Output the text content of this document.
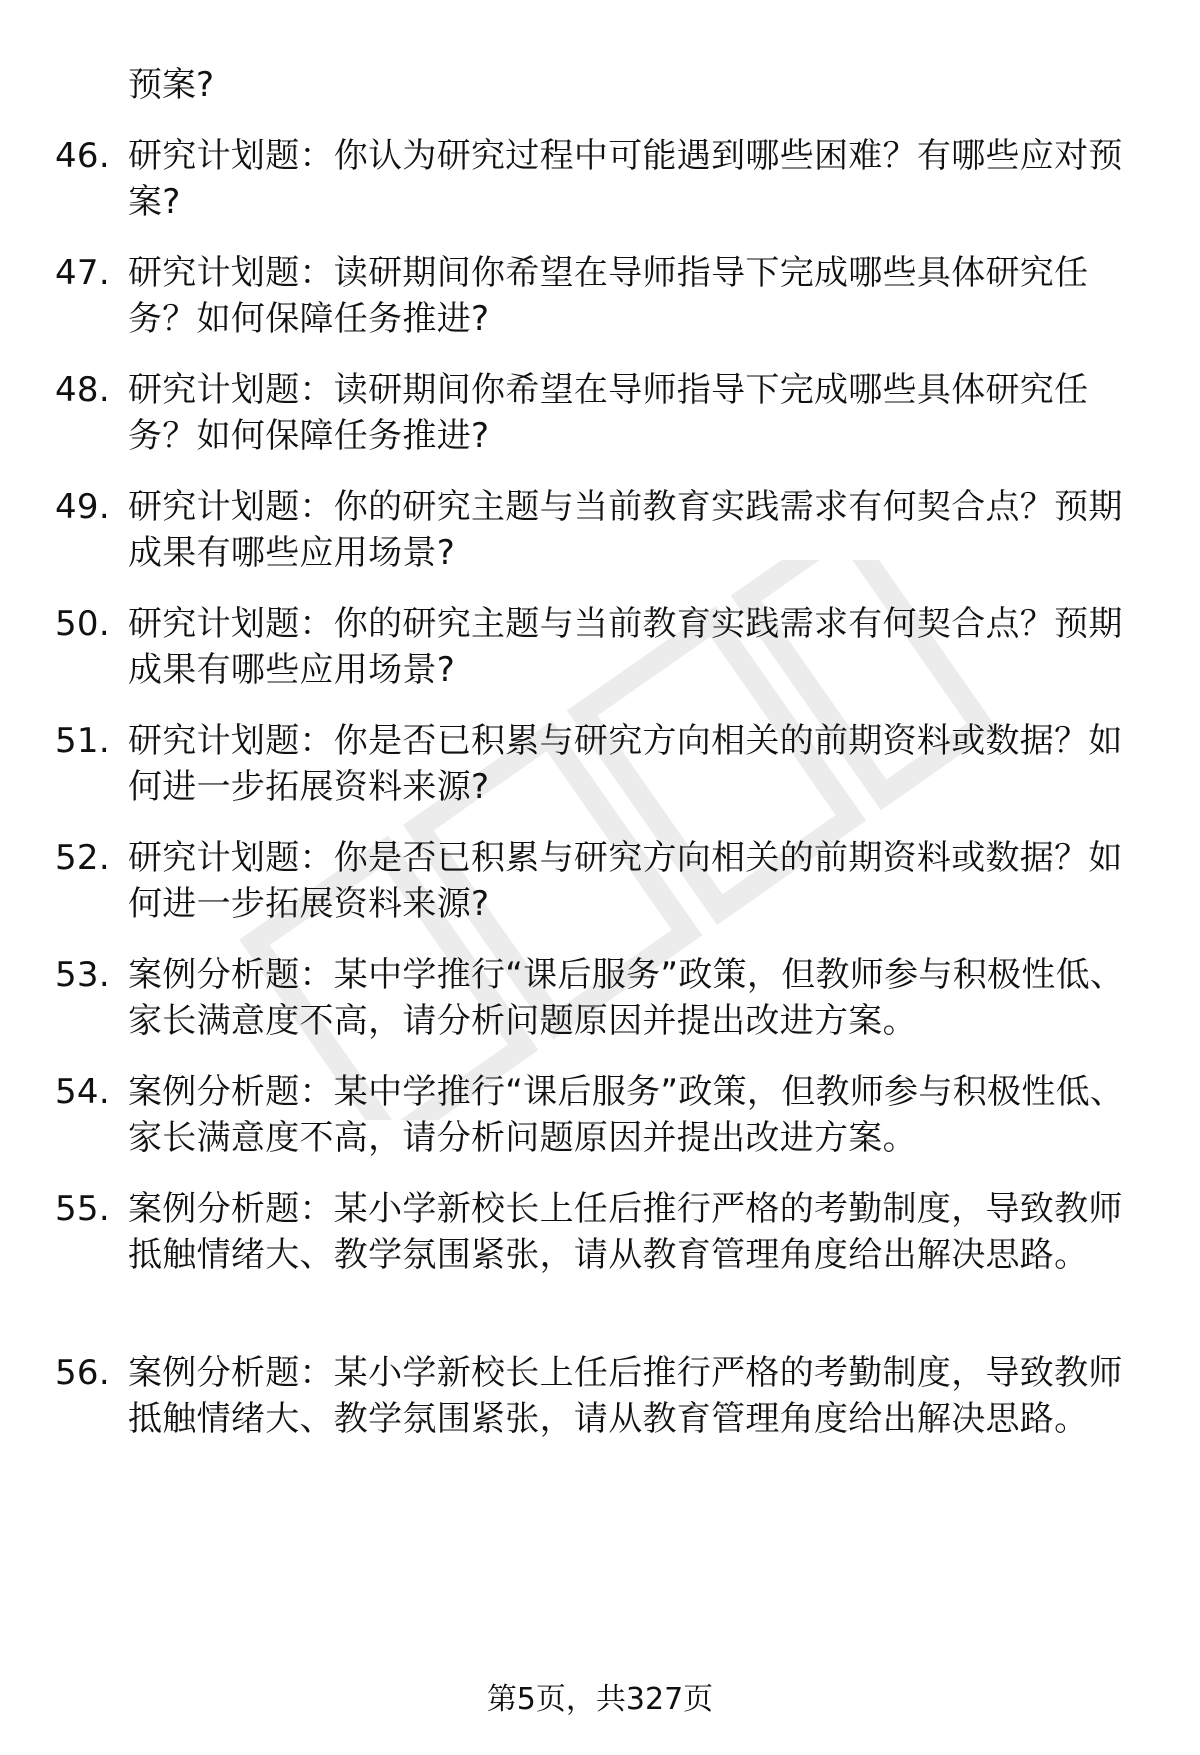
预案?
46. 研究计划题：你认为研究过程中可能遇到哪些困难？有哪些应对预案?
47. 研究计划题：读研期间你希望在导师指导下完成哪些具体研究任务？如何保障任务推进?
48. 研究计划题：读研期间你希望在导师指导下完成哪些具体研究任务？如何保障任务推进?
49. 研究计划题：你的研究主题与当前教育实践需求有何契合点？预期成果有哪些应用场景?
50. 研究计划题：你的研究主题与当前教育实践需求有何契合点？预期成果有哪些应用场景?
51. 研究计划题：你是否已积累与研究方向相关的前期资料或数据？如何进一步拓展资料来源?
52. 研究计划题：你是否已积累与研究方向相关的前期资料或数据？如何进一步拓展资料来源?
53. 案例分析题：某中学推行“课后服务”政策，但教师参与积极性低、家长满意度不高，请分析问题原因并提出改进方案。
54. 案例分析题：某中学推行“课后服务”政策，但教师参与积极性低、家长满意度不高，请分析问题原因并提出改进方案。
55. 案例分析题：某小学新校长上任后推行严格的考勤制度，导致教师抵触情绪大、教学氛围紧张，请从教育管理角度给出解决思路。
56. 案例分析题：某小学新校长上任后推行严格的考勤制度，导致教师抵触情绪大、教学氛围紧张，请从教育管理角度给出解决思路。
第5页，共327页
